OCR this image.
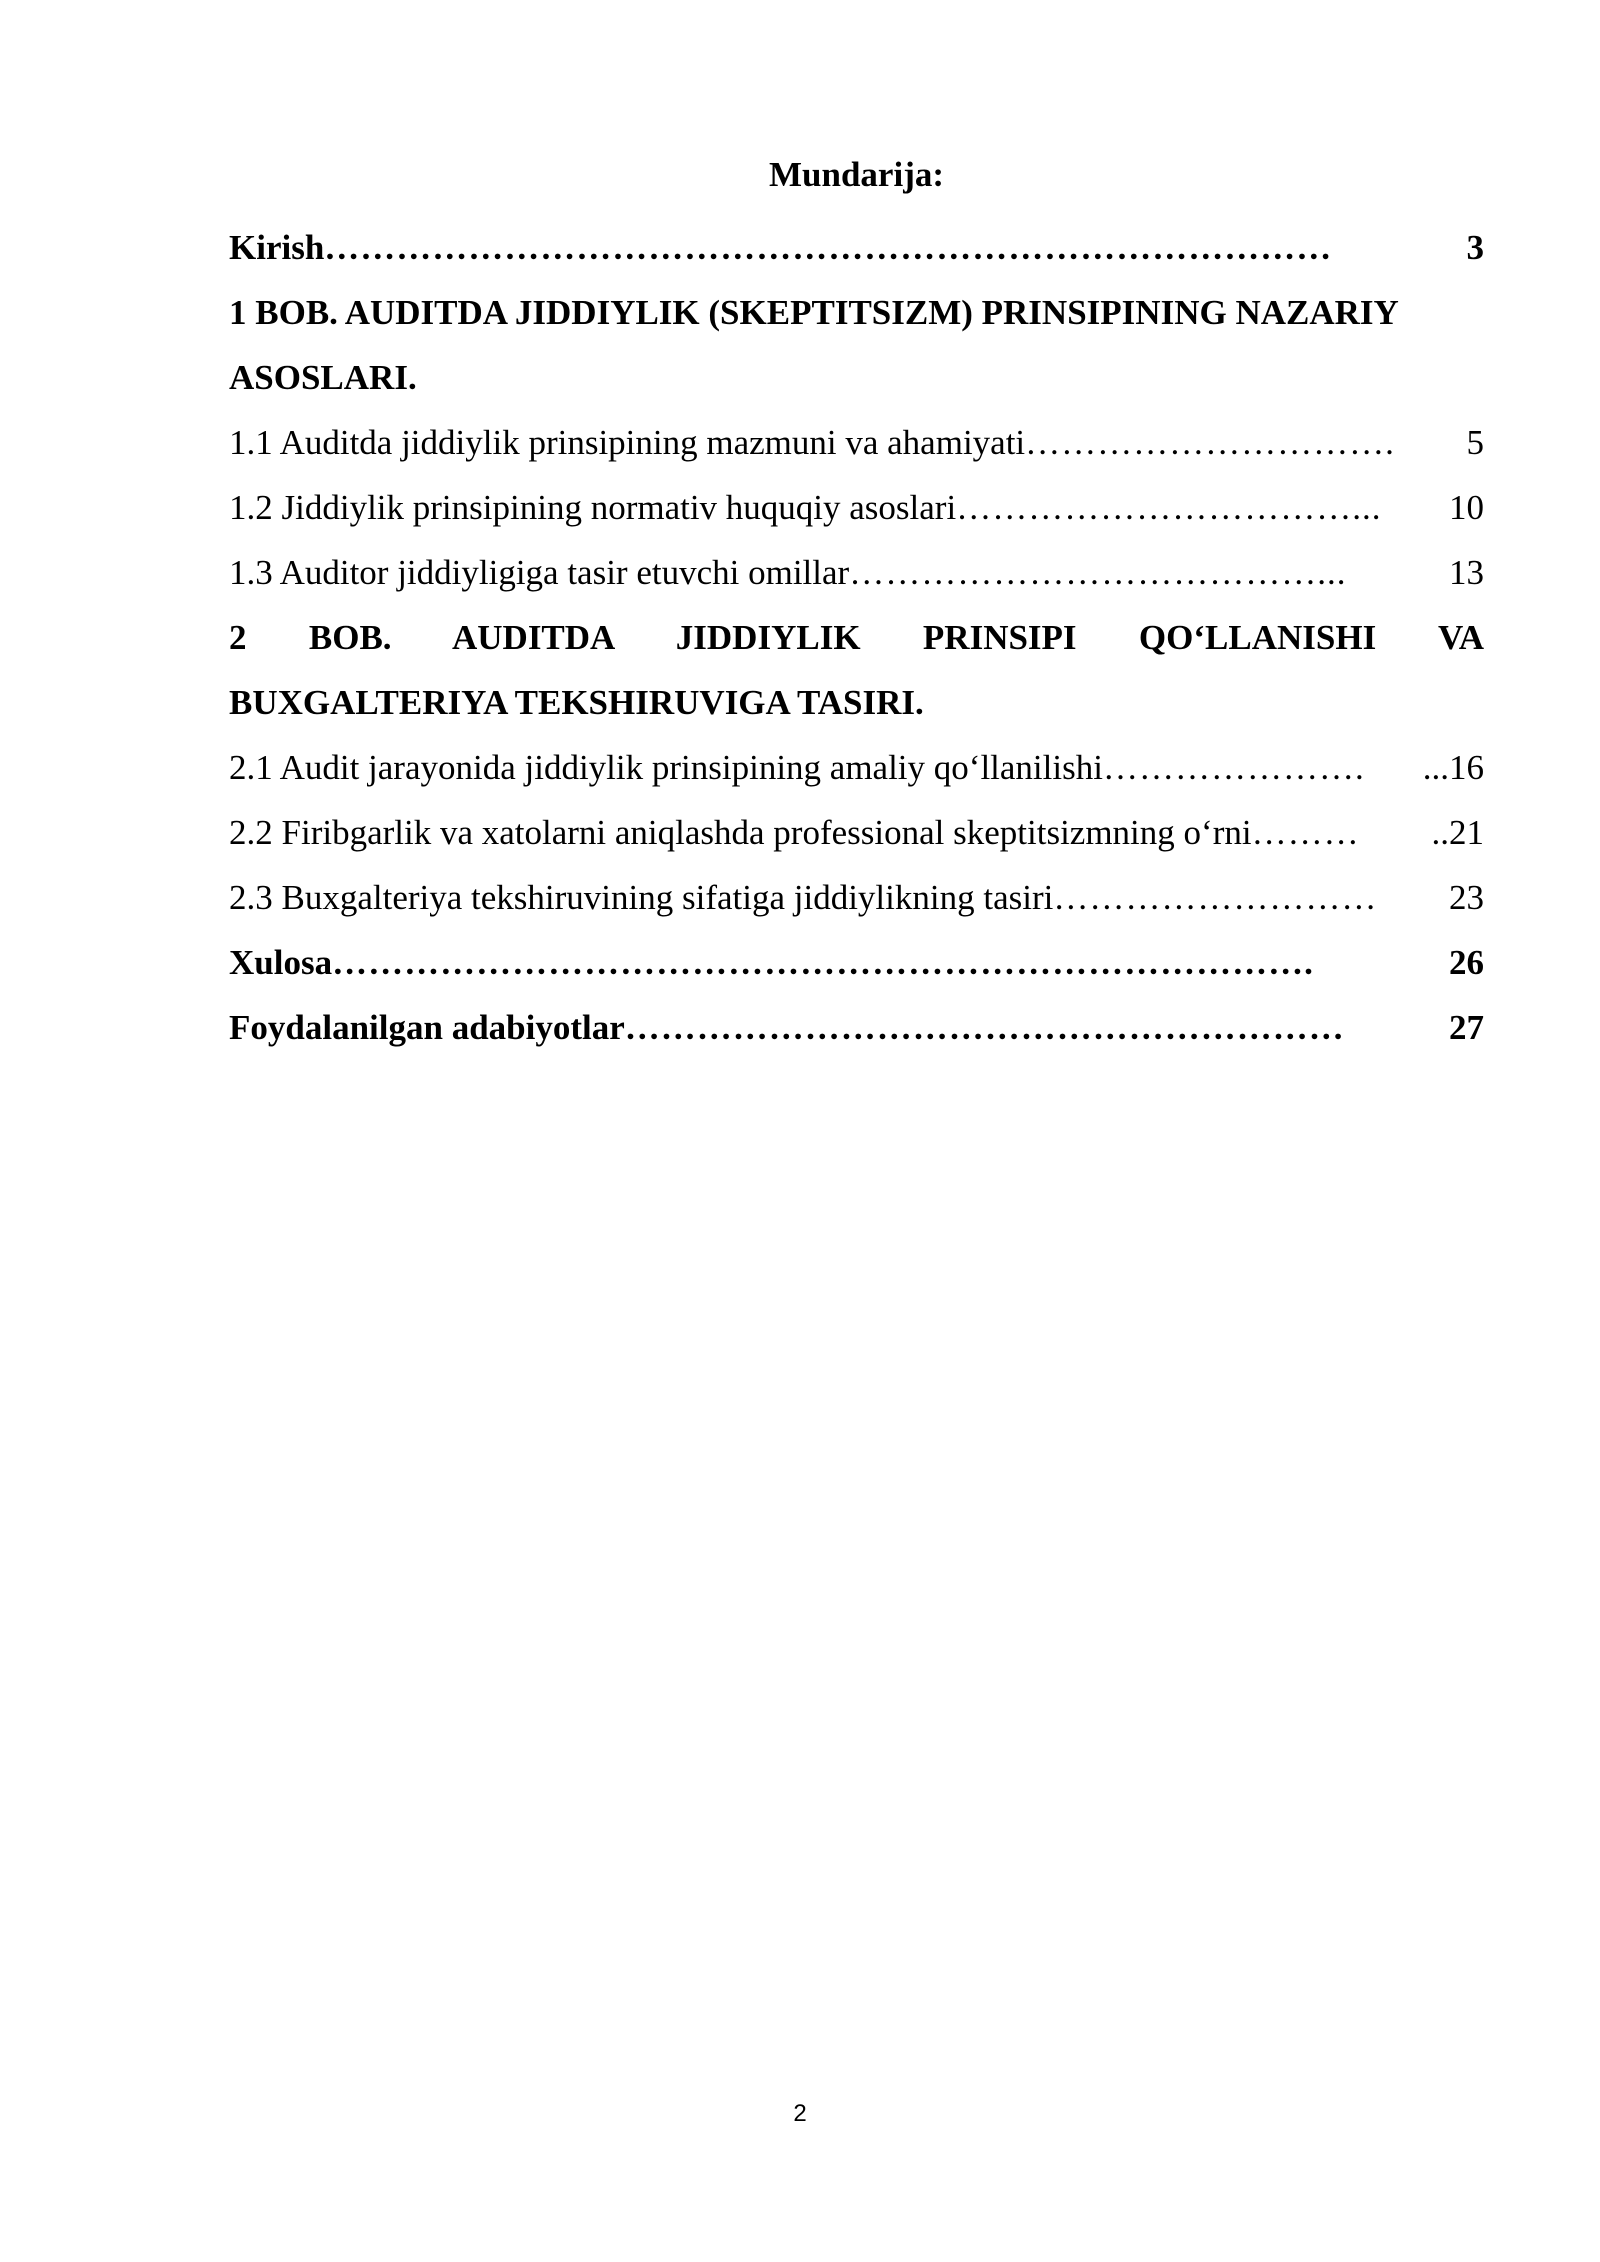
Mundarija:
Kirish …………………………………………………………………………	3
1 BOB. AUDITDA JIDDIYLIK (SKEPTITSIZM) PRINSIPINING NAZARIY
ASOSLARI.
1.1 Auditda jiddiylik prinsipining mazmuni va ahamiyati ………………………….	5
1.2 Jiddiylik prinsipining normativ huquqiy asoslari ……………………………...	10
1.3 Auditor jiddiyligiga tasir etuvchi omillar …………………………………...	13
2 BOB. AUDITDA JIDDIYLIK PRINSIPI QO‘LLANISHI VA
BUXGALTERIYA TEKSHIRUVIGA TASIRI.
2.1 Audit jarayonida jiddiylik prinsipining amaliy qo‘llanilishi ………………….	...16
2.2 Firibgarlik va xatolarni aniqlashda professional skeptitsizmning o‘rni ………	..21
2.3 Buxgalteriya tekshiruvining sifatiga jiddiylikning tasiri ………………………	23
Xulosa ……………………………………………………………………….	26
Foydalanilgan adabiyotlar ……………………………………………………	27
2
